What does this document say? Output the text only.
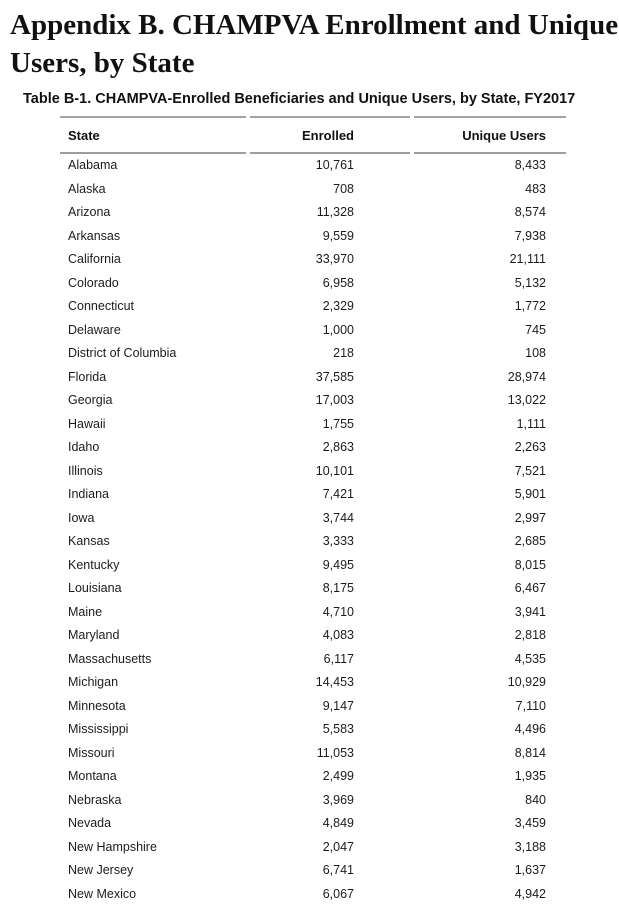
Appendix B. CHAMPVA Enrollment and Unique
Users, by State
Table B-1. CHAMPVA-Enrolled Beneficiaries and Unique Users, by State, FY2017
State	Enrolled	Unique Users
Alabama	10,761	8,433
Alaska	708	483
Arizona	11,328	8,574
Arkansas	9,559	7,938
California	33,970	21,111
Colorado	6,958	5,132
Connecticut	2,329	1,772
Delaware	1,000	745
District of Columbia	218	108
Florida	37,585	28,974
Georgia	17,003	13,022
Hawaii	1,755	1,111
Idaho	2,863	2,263
Illinois	10,101	7,521
Indiana	7,421	5,901
Iowa	3,744	2,997
Kansas	3,333	2,685
Kentucky	9,495	8,015
Louisiana	8,175	6,467
Maine	4,710	3,941
Maryland	4,083	2,818
Massachusetts	6,117	4,535
Michigan	14,453	10,929
Minnesota	9,147	7,110
Mississippi	5,583	4,496
Missouri	11,053	8,814
Montana	2,499	1,935
Nebraska	3,969	840
Nevada	4,849	3,459
New Hampshire	2,047	3,188
New Jersey	6,741	1,637
New Mexico	6,067	4,942
